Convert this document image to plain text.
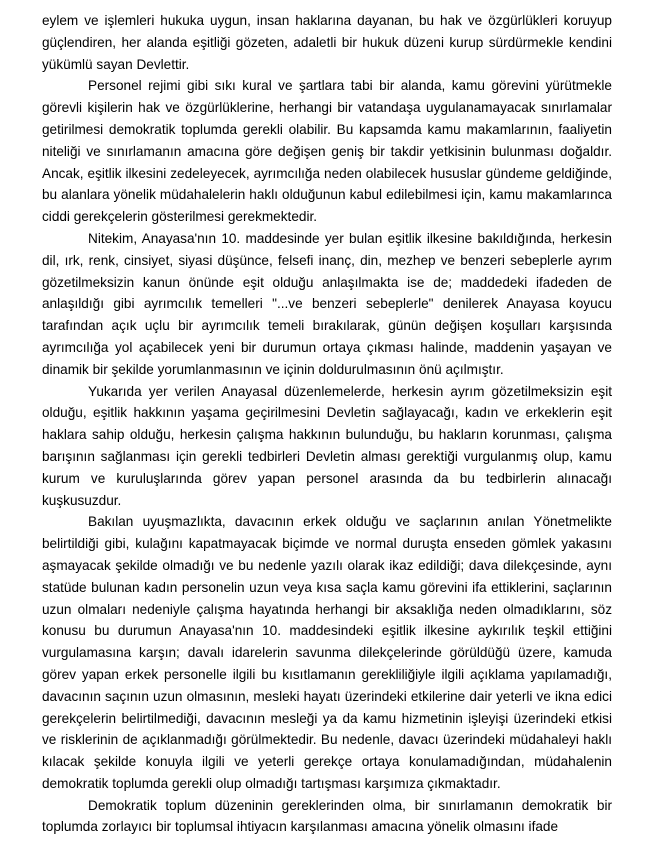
eylem ve işlemleri hukuka uygun, insan haklarına dayanan, bu hak ve özgürlükleri koruyup güçlendiren, her alanda eşitliği gözeten, adaletli bir hukuk düzeni kurup sürdürmekle kendini yükümlü sayan Devlettir.

Personel rejimi gibi sıkı kural ve şartlara tabi bir alanda, kamu görevini yürütmekle görevli kişilerin hak ve özgürlüklerine, herhangi bir vatandaşa uygulanamayacak sınırlamalar getirilmesi demokratik toplumda gerekli olabilir. Bu kapsamda kamu makamlarının, faaliyetin niteliği ve sınırlamanın amacına göre değişen geniş bir takdir yetkisinin bulunması doğaldır. Ancak, eşitlik ilkesini zedeleyecek, ayrımcılığa neden olabilecek hususlar gündeme geldiğinde, bu alanlara yönelik müdahalelerin haklı olduğunun kabul edilebilmesi için, kamu makamlarınca ciddi gerekçelerin gösterilmesi gerekmektedir.

Nitekim, Anayasa'nın 10. maddesinde yer bulan eşitlik ilkesine bakıldığında, herkesin dil, ırk, renk, cinsiyet, siyasi düşünce, felsefi inanç, din, mezhep ve benzeri sebeplerle ayrım gözetilmeksizin kanun önünde eşit olduğu anlaşılmakta ise de; maddedeki ifadeden de anlaşıldığı gibi ayrımcılık temelleri "...ve benzeri sebeplerle" denilerek Anayasa koyucu tarafından açık uçlu bir ayrımcılık temeli bırakılarak, günün değişen koşulları karşısında ayrımcılığa yol açabilecek yeni bir durumun ortaya çıkması halinde, maddenin yaşayan ve dinamik bir şekilde yorumlanmasının ve içinin doldurulmasının önü açılmıştır.

Yukarıda yer verilen Anayasal düzenlemelerde, herkesin ayrım gözetilmeksizin eşit olduğu, eşitlik hakkının yaşama geçirilmesini Devletin sağlayacağı, kadın ve erkeklerin eşit haklara sahip olduğu, herkesin çalışma hakkının bulunduğu, bu hakların korunması, çalışma barışının sağlanması için gerekli tedbirleri Devletin alması gerektiği vurgulanmış olup, kamu kurum ve kuruluşlarında görev yapan personel arasında da bu tedbirlerin alınacağı kuşkusuzdur.

Bakılan uyuşmazlıkta, davacının erkek olduğu ve saçlarının anılan Yönetmelikte belirtildiği gibi, kulağını kapatmayacak biçimde ve normal duruşta enseden gömlek yakasını aşmayacak şekilde olmadığı ve bu nedenle yazılı olarak ikaz edildiği; dava dilekçesinde, aynı statüde bulunan kadın personelin uzun veya kısa saçla kamu görevini ifa ettiklerini, saçlarının uzun olmaları nedeniyle çalışma hayatında herhangi bir aksaklığa neden olmadıklarını, söz konusu bu durumun Anayasa'nın 10. maddesindeki eşitlik ilkesine aykırılık teşkil ettiğini vurgulamasına karşın; davalı idarelerin savunma dilekçelerinde görüldüğü üzere, kamuda görev yapan erkek personelle ilgili bu kısıtlamanın gerekliliğiyle ilgili açıklama yapılamadığı, davacının saçının uzun olmasının, mesleki hayatı üzerindeki etkilerine dair yeterli ve ikna edici gerekçelerin belirtilmediği, davacının mesleği ya da kamu hizmetinin işleyişi üzerindeki etkisi ve risklerinin de açıklanmadığı görülmektedir. Bu nedenle, davacı üzerindeki müdahaleyi haklı kılacak şekilde konuyla ilgili ve yeterli gerekçe ortaya konulamadığından, müdahalenin demokratik toplumda gerekli olup olmadığı tartışması karşımıza çıkmaktadır.

Demokratik toplum düzeninin gereklerinden olma, bir sınırlamanın demokratik bir toplumda zorlayıcı bir toplumsal ihtiyacın karşılanması amacına yönelik olmasını ifade
